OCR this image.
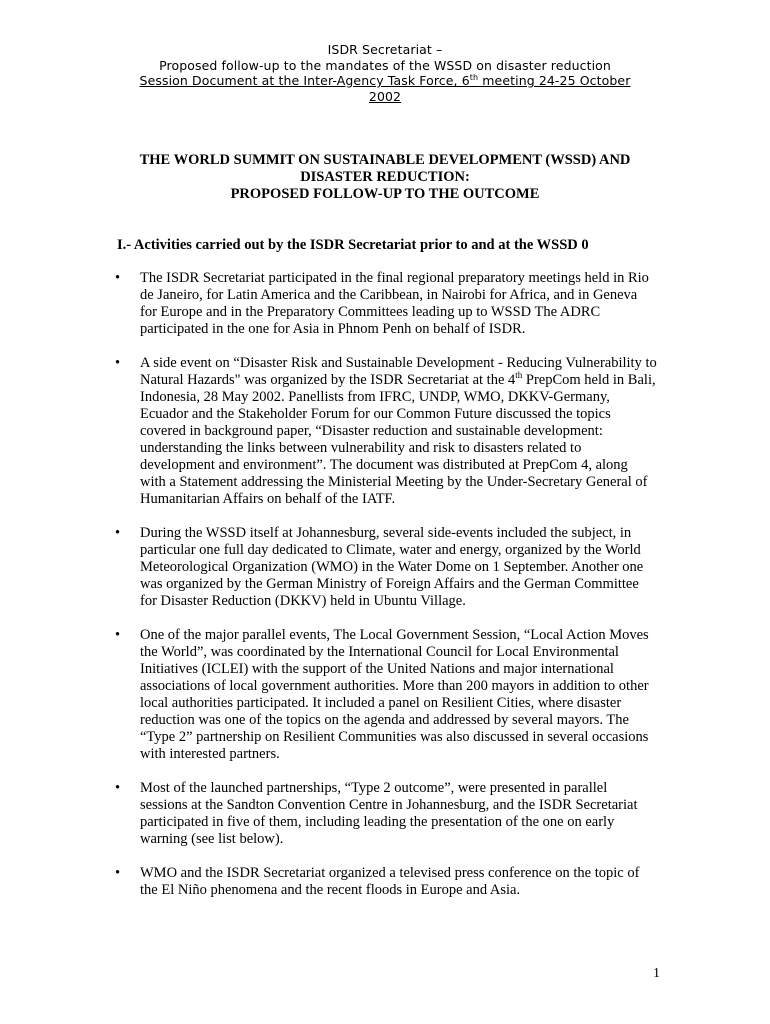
ISDR Secretariat –
Proposed follow-up to the mandates of the WSSD on disaster reduction
Session Document at the Inter-Agency Task Force, 6th meeting 24-25 October
2002
THE WORLD SUMMIT ON SUSTAINABLE DEVELOPMENT (WSSD) AND
DISASTER REDUCTION:
PROPOSED FOLLOW-UP TO THE OUTCOME
I.- Activities carried out by the ISDR Secretariat prior to and at the WSSD 0
• The ISDR Secretariat participated in the final regional preparatory meetings held in Rio de Janeiro, for Latin America and the Caribbean, in Nairobi for Africa, and in Geneva for Europe and in the Preparatory Committees leading up to WSSD The ADRC participated in the one for Asia in Phnom Penh on behalf of ISDR.
• A side event on “Disaster Risk and Sustainable Development - Reducing Vulnerability to Natural Hazards" was organized by the ISDR Secretariat at the 4th PrepCom held in Bali, Indonesia, 28 May 2002. Panellists from IFRC, UNDP, WMO, DKKV-Germany, Ecuador and the Stakeholder Forum for our Common Future discussed the topics covered in background paper, “Disaster reduction and sustainable development: understanding the links between vulnerability and risk to disasters related to development and environment”. The document was distributed at PrepCom 4, along with a Statement addressing the Ministerial Meeting by the Under-Secretary General of Humanitarian Affairs on behalf of the IATF.
• During the WSSD itself at Johannesburg, several side-events included the subject, in particular one full day dedicated to Climate, water and energy, organized by the World Meteorological Organization (WMO) in the Water Dome on 1 September. Another one was organized by the German Ministry of Foreign Affairs and the German Committee for Disaster Reduction (DKKV) held in Ubuntu Village.
• One of the major parallel events, The Local Government Session, “Local Action Moves the World”, was coordinated by the International Council for Local Environmental Initiatives (ICLEI) with the support of the United Nations and major international associations of local government authorities. More than 200 mayors in addition to other local authorities participated. It included a panel on Resilient Cities, where disaster reduction was one of the topics on the agenda and addressed by several mayors. The “Type 2” partnership on Resilient Communities was also discussed in several occasions with interested partners.
• Most of the launched partnerships, “Type 2 outcome”, were presented in parallel sessions at the Sandton Convention Centre in Johannesburg, and the ISDR Secretariat participated in five of them, including leading the presentation of the one on early warning (see list below).
• WMO and the ISDR Secretariat organized a televised press conference on the topic of the El Niño phenomena and the recent floods in Europe and Asia.
1
